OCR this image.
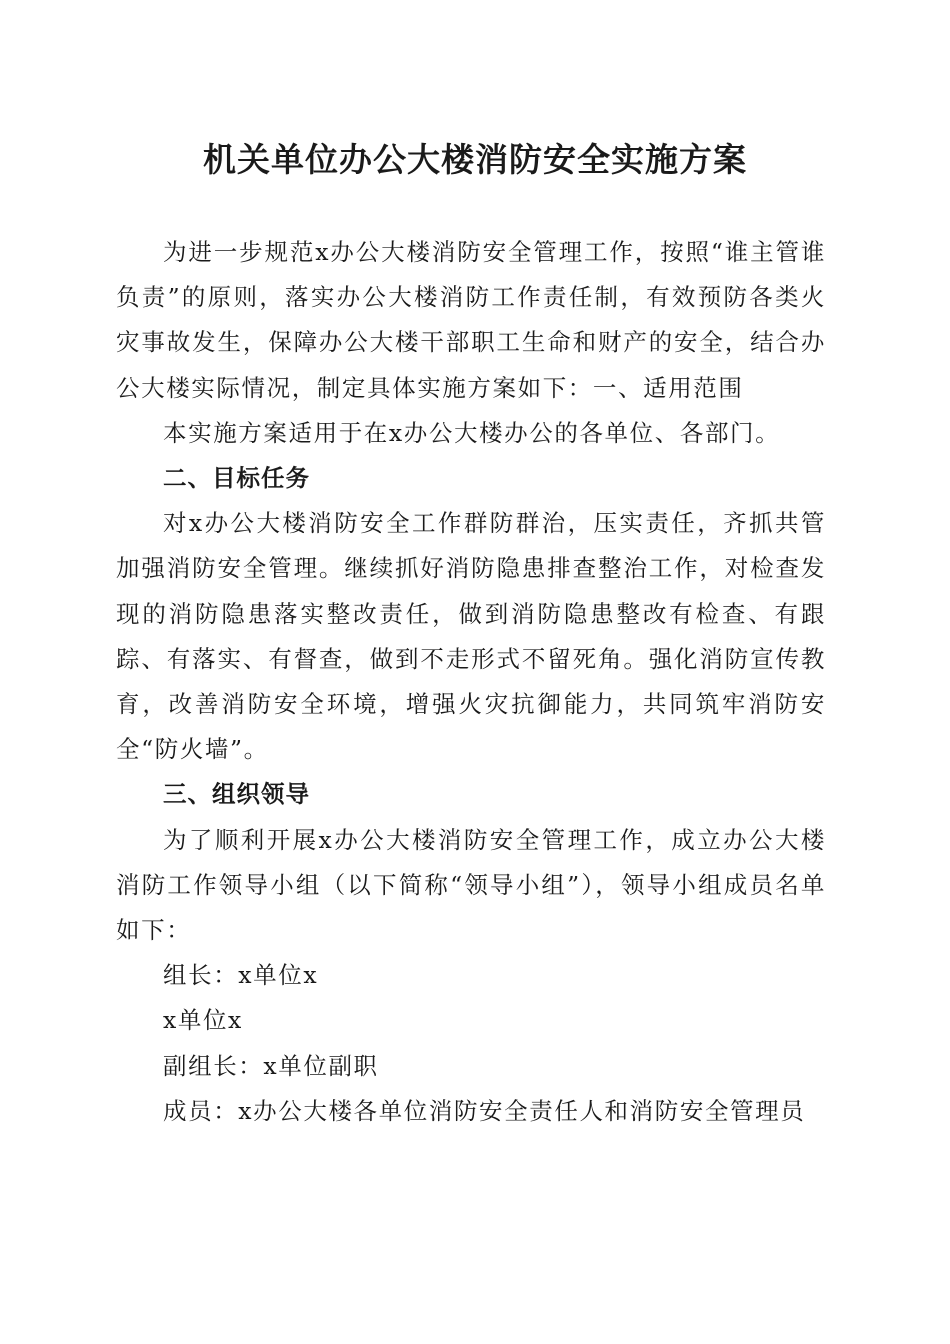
机关单位办公大楼消防安全实施方案

为进一步规范x办公大楼消防安全管理工作，按照“谁主管谁负责”的原则，落实办公大楼消防工作责任制，有效预防各类火灾事故发生，保障办公大楼干部职工生命和财产的安全，结合办公大楼实际情况，制定具体实施方案如下：一、适用范围

本实施方案适用于在x办公大楼办公的各单位、各部门。

二、目标任务

对x办公大楼消防安全工作群防群治，压实责任，齐抓共管加强消防安全管理。继续抓好消防隐患排查整治工作，对检查发现的消防隐患落实整改责任，做到消防隐患整改有检查、有跟踪、有落实、有督查，做到不走形式不留死角。强化消防宣传教育，改善消防安全环境，增强火灾抗御能力，共同筑牢消防安全“防火墙”。

三、组织领导

为了顺利开展x办公大楼消防安全管理工作，成立办公大楼消防工作领导小组（以下简称“领导小组”），领导小组成员名单如下：

组长：x单位x

x单位x

副组长：x单位副职

成员：x办公大楼各单位消防安全责任人和消防安全管理员
